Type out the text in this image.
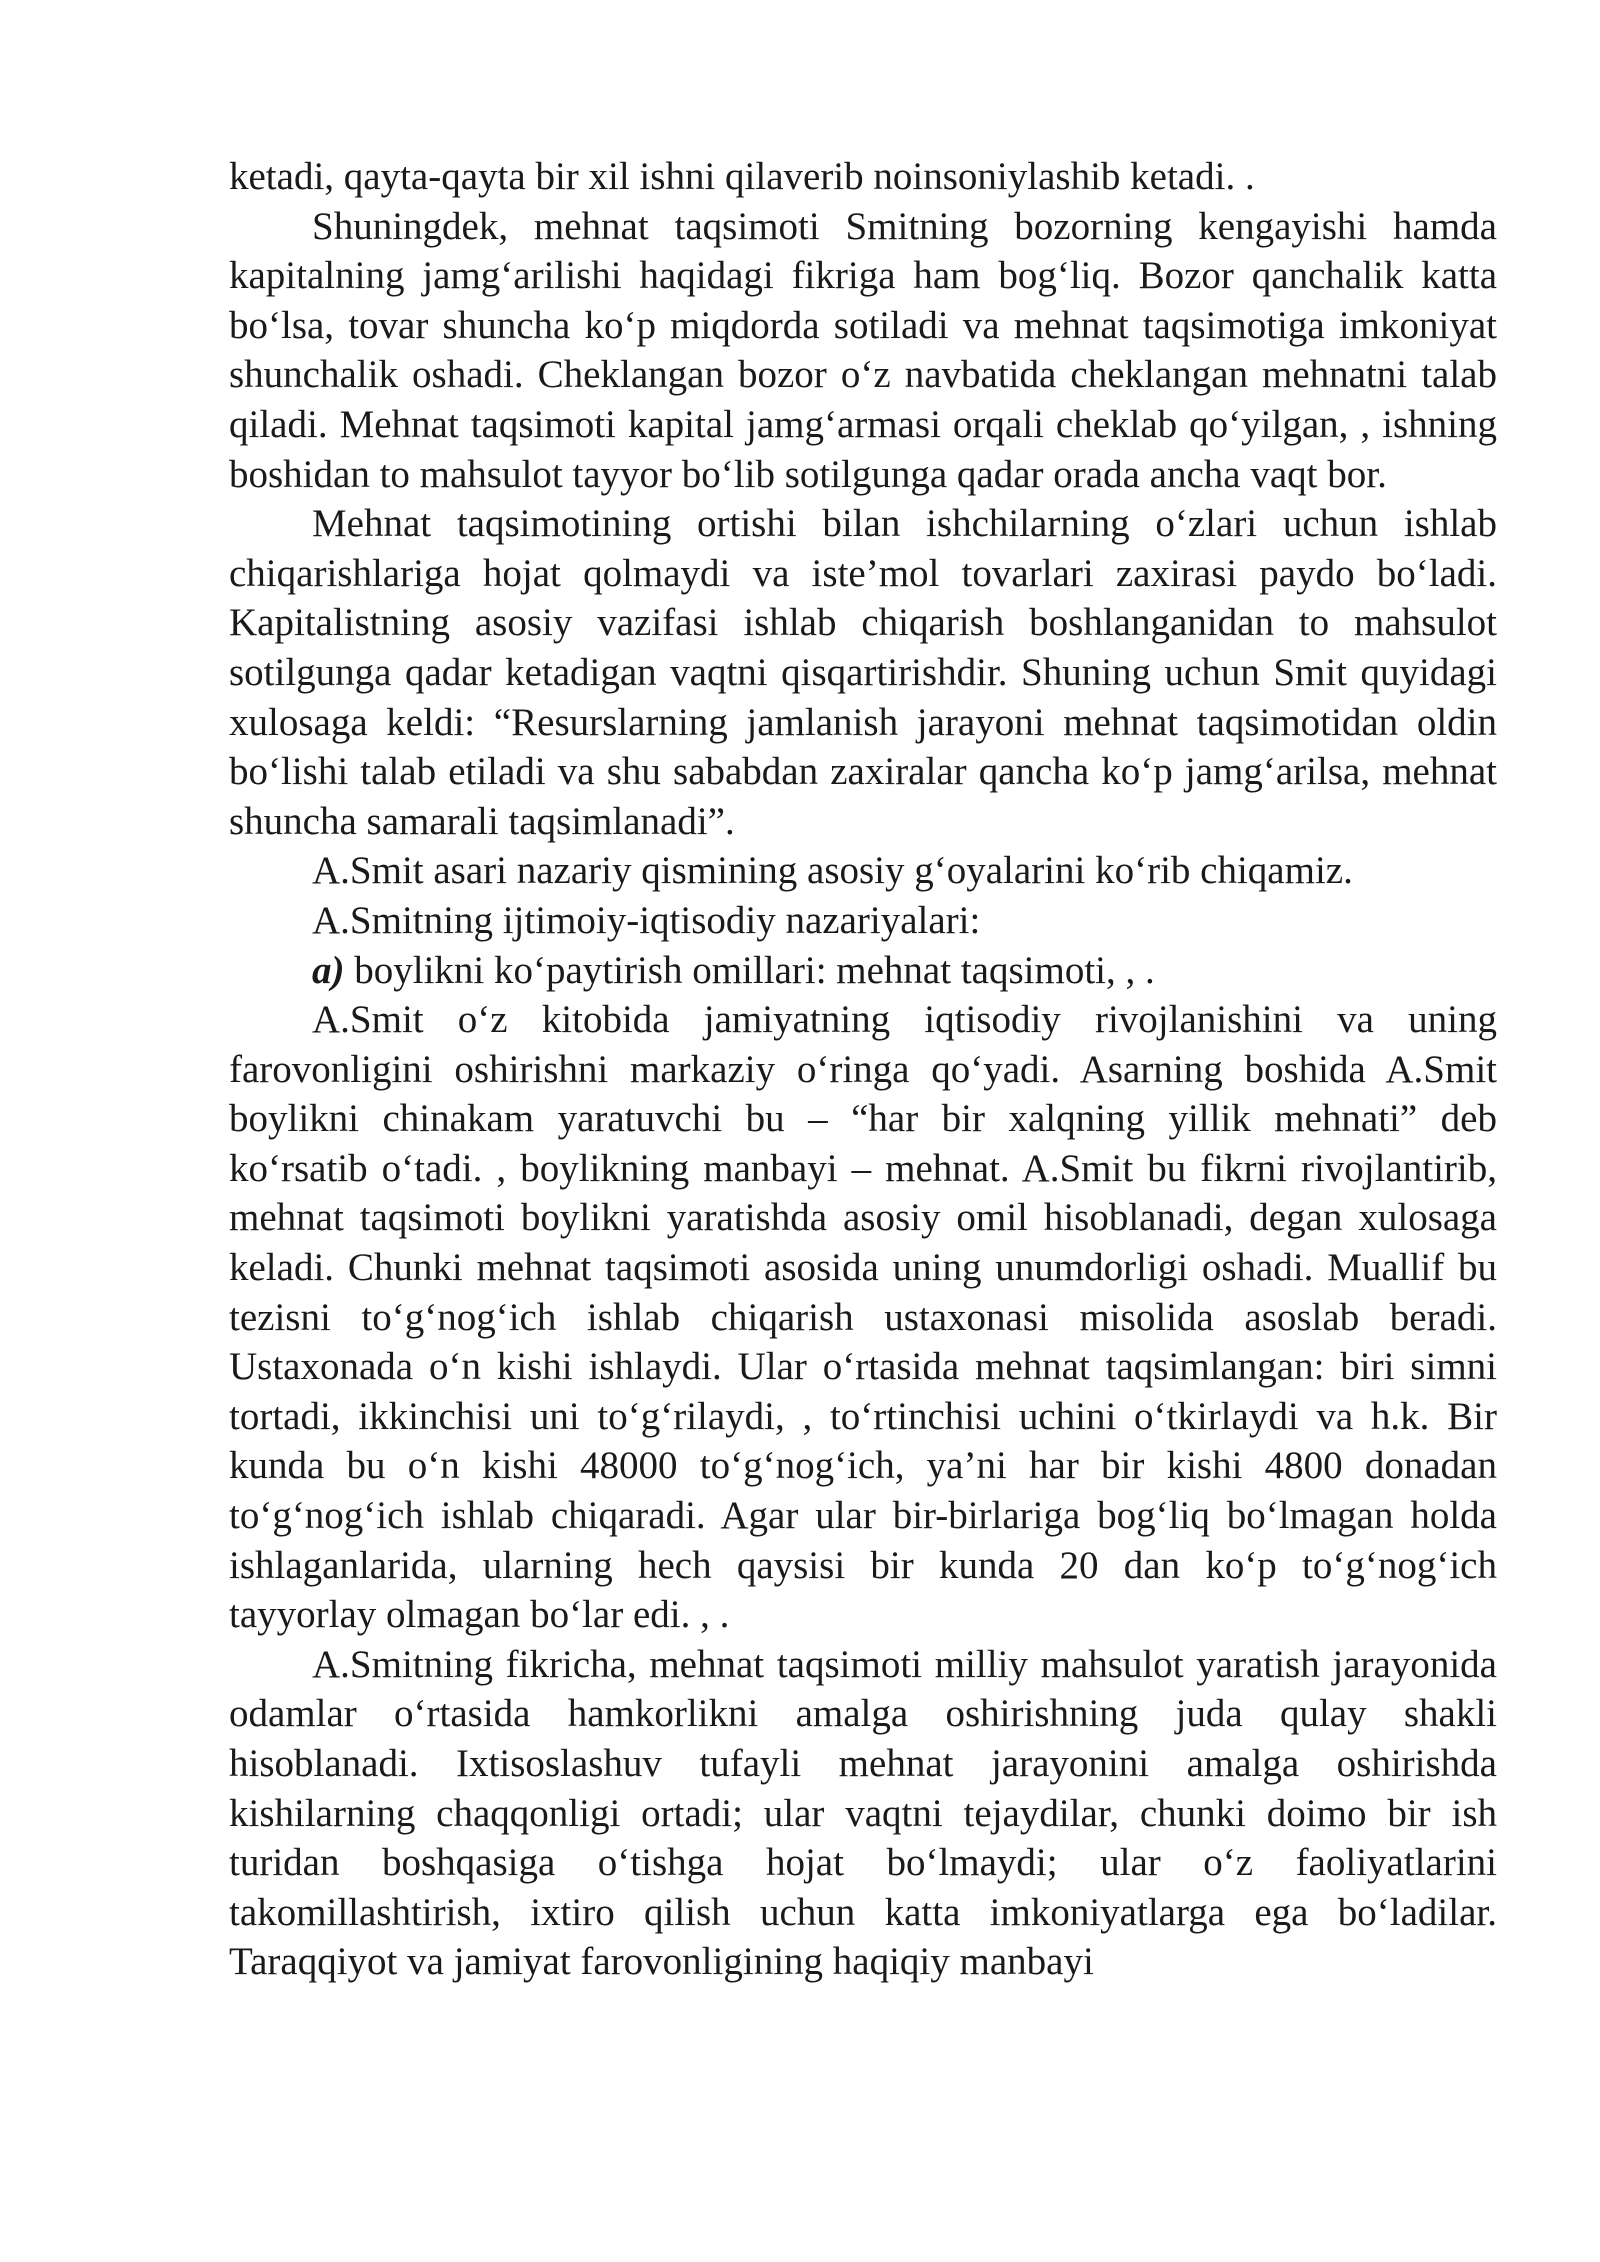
ketadi, qayta-qayta bir xil ishni qilaverib noinsoniylashib ketadi. .

Shuningdek, mehnat taqsimoti Smitning bozorning kengayishi hamda kapitalning jamg‘arilishi haqidagi fikriga ham bog‘liq. Bozor qanchalik katta bo‘lsa, tovar shuncha ko‘p miqdorda sotiladi va mehnat taqsimotiga imkoniyat shunchalik oshadi. Cheklangan bozor o‘z navbatida cheklangan mehnatni talab qiladi. Mehnat taqsimoti kapital jamg‘armasi orqali cheklab qo‘yilgan, , ishning boshidan to mahsulot tayyor bo‘lib sotilgunga qadar orada ancha vaqt bor.

Mehnat taqsimotining ortishi bilan ishchilarning o‘zlari uchun ishlab chiqarishlariga hojat qolmaydi va iste’mol tovarlari zaxirasi paydo bo‘ladi. Kapitalistning asosiy vazifasi ishlab chiqarish boshlanganidan to mahsulot sotilgunga qadar ketadigan vaqtni qisqartirishdir. Shuning uchun Smit quyidagi xulosaga keldi: “Resurslarning jamlanish jarayoni mehnat taqsimotidan oldin bo‘lishi talab etiladi va shu sababdan zaxiralar qancha ko‘p jamg‘arilsa, mehnat shuncha samarali taqsimlanadi”.

A.Smit asari nazariy qismining asosiy g‘oyalarini ko‘rib chiqamiz.

A.Smitning ijtimoiy-iqtisodiy nazariyalari:

a) boylikni ko‘paytirish omillari: mehnat taqsimoti, , .

A.Smit o‘z kitobida jamiyatning iqtisodiy rivojlanishini va uning farovonligini oshirishni markaziy o‘ringa qo‘yadi. Asarning boshida A.Smit boylikni chinakam yaratuvchi bu – “har bir xalqning yillik mehnati” deb ko‘rsatib o‘tadi. , boylikning manbayi – mehnat. A.Smit bu fikrni rivojlantirib, mehnat taqsimoti boylikni yaratishda asosiy omil hisoblanadi, degan xulosaga keladi. Chunki mehnat taqsimoti asosida uning unumdorligi oshadi. Muallif bu tezisni to‘g‘nog‘ich ishlab chiqarish ustaxonasi misolida asoslab beradi. Ustaxonada o‘n kishi ishlaydi. Ular o‘rtasida mehnat taqsimlangan: biri simni tortadi, ikkinchisi uni to‘g‘rilaydi, , to‘rtinchisi uchini o‘tkirlaydi va h.k. Bir kunda bu o‘n kishi 48000 to‘g‘nog‘ich, ya’ni har bir kishi 4800 donadan to‘g‘nog‘ich ishlab chiqaradi. Agar ular bir-birlariga bog‘liq bo‘lmagan holda ishlaganlarida, ularning hech qaysisi bir kunda 20 dan ko‘p to‘g‘nog‘ich tayyorlay olmagan bo‘lar edi. , .

A.Smitning fikricha, mehnat taqsimoti milliy mahsulot yaratish jarayonida odamlar o‘rtasida hamkorlikni amalga oshirishning juda qulay shakli hisoblanadi. Ixtisoslashuv tufayli mehnat jarayonini amalga oshirishda kishilarning chaqqonligi ortadi; ular vaqtni tejaydilar, chunki doimo bir ish turidan boshqasiga o‘tishga hojat bo‘lmaydi; ular o‘z faoliyatlarini takomillashtirish, ixtiro qilish uchun katta imkoniyatlarga ega bo‘ladilar. Taraqqiyot va jamiyat farovonligining haqiqiy manbayi
